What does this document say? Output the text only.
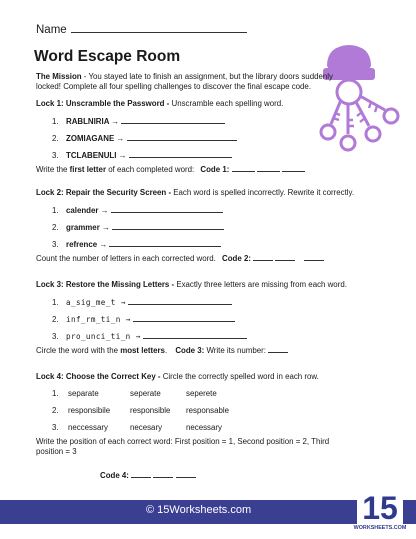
Name
Word Escape Room
The Mission - You stayed late to finish an assignment, but the library doors suddenly
locked! Complete all four spelling challenges to discover the final escape code.
Lock 1: Unscramble the Password - Unscramble each spelling word.
1. RABLNIRIA →
2. ZOMIAGANE →
3. TCLABENULI →
Write the first letter of each completed word: Code 1:
Lock 2: Repair the Security Screen - Each word is spelled incorrectly. Rewrite it correctly.
1. calender →
2. grammer →
3. refrence →
Count the number of letters in each corrected word. Code 2:
Lock 3: Restore the Missing Letters - Exactly three letters are missing from each word.
1. a_sig_me_t →
2. inf_rm_ti_n →
3. pro_unci_ti_n →
Circle the word with the most letters. Code 3: Write its number:
Lock 4: Choose the Correct Key - Circle the correctly spelled word in each row.
1. separate	seperate	seperete
2. responsibile	responsible responsable
3. neccessary	necesary	necessary
Write the position of each correct word: First position = 1, Second position = 2, Third
position = 3
Code 4:
© 15Worksheets.com	15
WORKSHEETS.COM
